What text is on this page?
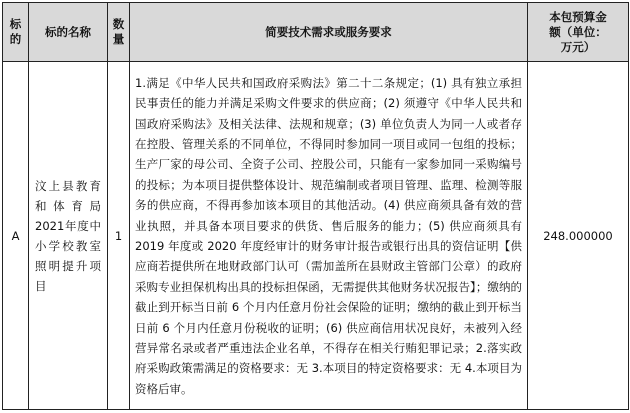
标的	标的名称	数量	简要技术需求或服务要求	本包预算金
额（单位：
万元）
A	汶上县教育和体育局2021年度中小学校教室照明提升项目	1	1.满足《中华人民共和国政府采购法》第二十二条规定；(1) 具有独立承担民事责任的能力并满足采购文件要求的供应商；(2) 须遵守《中华人民共和国政府采购法》及相关法律、法规和规章；(3) 单位负责人为同一人或者存在控股、管理关系的不同单位，不得同时参加同一项目或同一包组的投标；生产厂家的母公司、全资子公司、控股公司，只能有一家参加同一采购编号的投标；为本项目提供整体设计、规范编制或者项目管理、监理、检测等服务的供应商，不得再参加该本项目的其他活动。(4) 供应商须具备有效的营业执照，并具备本项目要求的供货、售后服务的能力；(5) 供应商须具有 2019 年度或 2020 年度经审计的财务审计报告或银行出具的资信证明【供应商若提供所在地财政部门认可（需加盖所在县财政主管部门公章）的政府采购专业担保机构出具的投标担保函，无需提供其他财务状况报告】；缴纳的截止到开标当日前 6 个月内任意月份社会保险的证明；缴纳的截止到开标当日前 6 个月内任意月份税收的证明；(6) 供应商信用状况良好，未被列入经营异常名录或者严重违法企业名单，不得存在相关行贿犯罪记录；2.落实政府采购政策需满足的资格要求：无 3.本项目的特定资格要求：无 4.本项目为资格后审。	248.000000
